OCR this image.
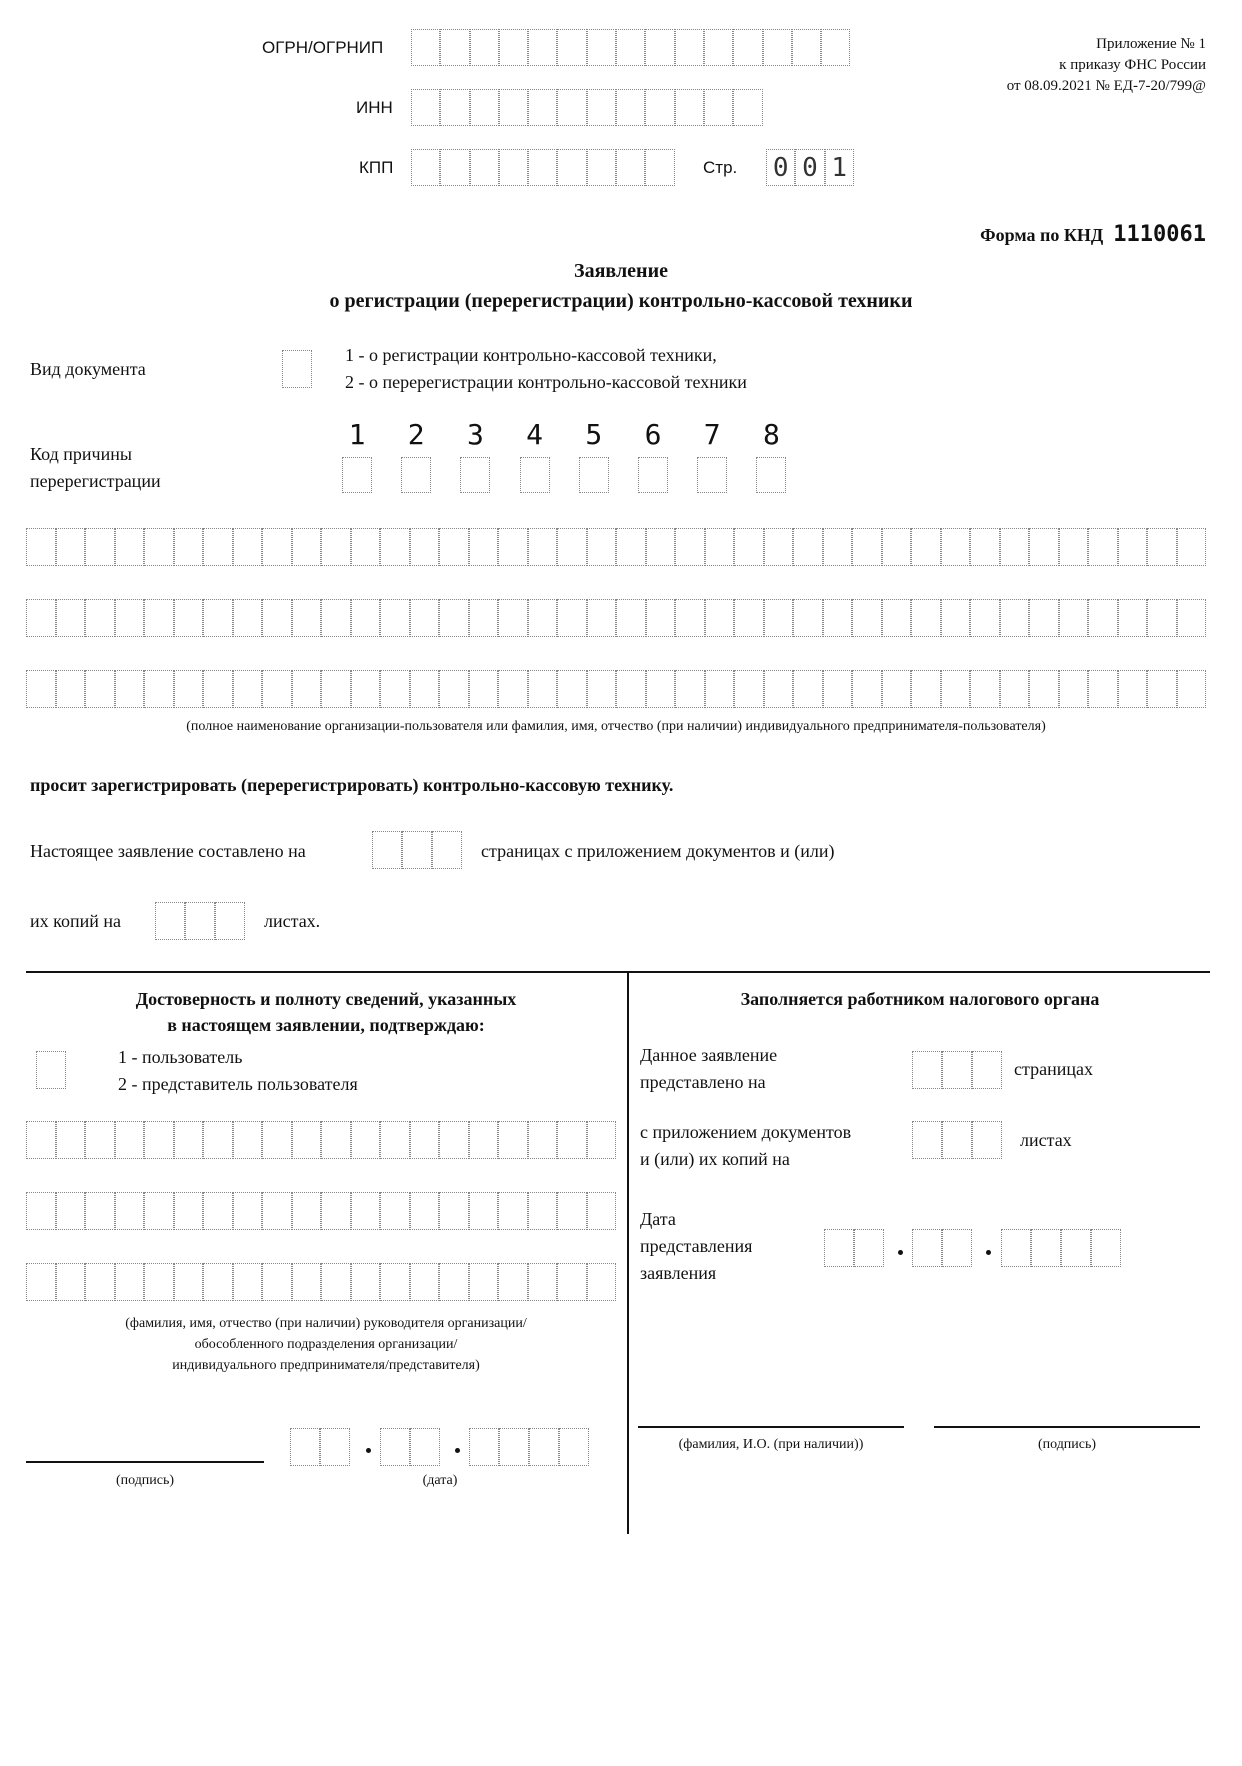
ОГРН/ОГРНИП
ИНН
КПП	Стр. 0 0 1
Приложение № 1
к приказу ФНС России
от 08.09.2021 № ЕД-7-20/799@
Форма по КНД 1110061
Заявление
о регистрации (перерегистрации) контрольно-кассовой техники
Вид документа
1 - о регистрации контрольно-кассовой техники,
2 - о перерегистрации контрольно-кассовой техники
Код причины
перерегистрации
1	2	3	4	5	6	7	8
(полное наименование организации-пользователя или фамилия, имя, отчество (при наличии) индивидуального предпринимателя-пользователя)
просит зарегистрировать (перерегистрировать) контрольно-кассовую технику.
Настоящее заявление составлено на	страницах с приложением документов и (или)
их копий на	листах.
Достоверность и полноту сведений, указанных
в настоящем заявлении, подтверждаю:
1 - пользователь
2 - представитель пользователя
(фамилия, имя, отчество (при наличии) руководителя организации/
обособленного подразделения организации/
индивидуального предпринимателя/представителя)
(подпись)	(дата)
Заполняется работником налогового органа
Данное заявление
представлено на
страницах
с приложением документов
и (или) их копий на
листах
Дата
представления
заявления
(фамилия, И.О. (при наличии))	(подпись)
